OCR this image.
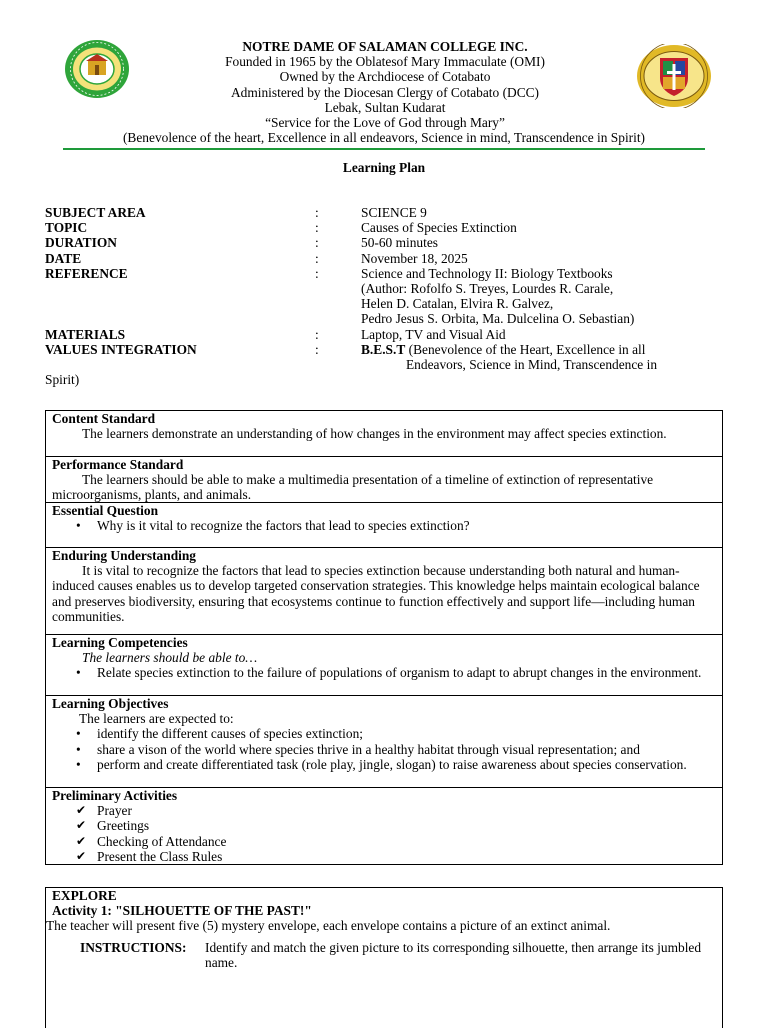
NOTRE DAME OF SALAMAN COLLEGE INC.
Founded in 1965 by the Oblatesof Mary Immaculate (OMI)
Owned by the Archdiocese of Cotabato
Administered by the Diocesan Clergy of Cotabato (DCC)
Lebak, Sultan Kudarat
“Service for the Love of God through Mary”
(Benevolence of the heart, Excellence in all endeavors, Science in mind, Transcendence in Spirit)
Learning Plan
SUBJECT AREA	:	SCIENCE 9
TOPIC	:	Causes of Species Extinction
DURATION	:	50-60 minutes
DATE	:	November 18, 2025
REFERENCE	:	Science and Technology II: Biology Textbooks
(Author: Rofolfo S. Treyes, Lourdes R. Carale,
Helen D. Catalan, Elvira R. Galvez,
Pedro Jesus S. Orbita, Ma. Dulcelina O. Sebastian)
MATERIALS	:	Laptop, TV and Visual Aid
VALUES INTEGRATION	:	B.E.S.T (Benevolence of the Heart, Excellence in all
Endeavors, Science in Mind, Transcendence in
Spirit)
Content Standard
The learners demonstrate an understanding of how changes in the environment may affect species extinction.
Performance Standard
The learners should be able to make a multimedia presentation of a timeline of extinction of representative microorganisms, plants, and animals.
Essential Question
• Why is it vital to recognize the factors that lead to species extinction?
Enduring Understanding
It is vital to recognize the factors that lead to species extinction because understanding both natural and human-induced causes enables us to develop targeted conservation strategies. This knowledge helps maintain ecological balance and preserves biodiversity, ensuring that ecosystems continue to function effectively and support life—including human communities.
Learning Competencies
The learners should be able to…
• Relate species extinction to the failure of populations of organism to adapt to abrupt changes in the environment.
Learning Objectives
The learners are expected to:
• identify the different causes of species extinction;
• share a vison of the world where species thrive in a healthy habitat through visual representation; and
• perform and create differentiated task (role play, jingle, slogan) to raise awareness about species conservation.
Preliminary Activities
✔ Prayer
✔ Greetings
✔ Checking of Attendance
✔ Present the Class Rules
EXPLORE
Activity 1: "SILHOUETTE OF THE PAST!"
The teacher will present five (5) mystery envelope, each envelope contains a picture of an extinct animal.
INSTRUCTIONS:	Identify and match the given picture to its corresponding silhouette, then arrange its jumbled name.
